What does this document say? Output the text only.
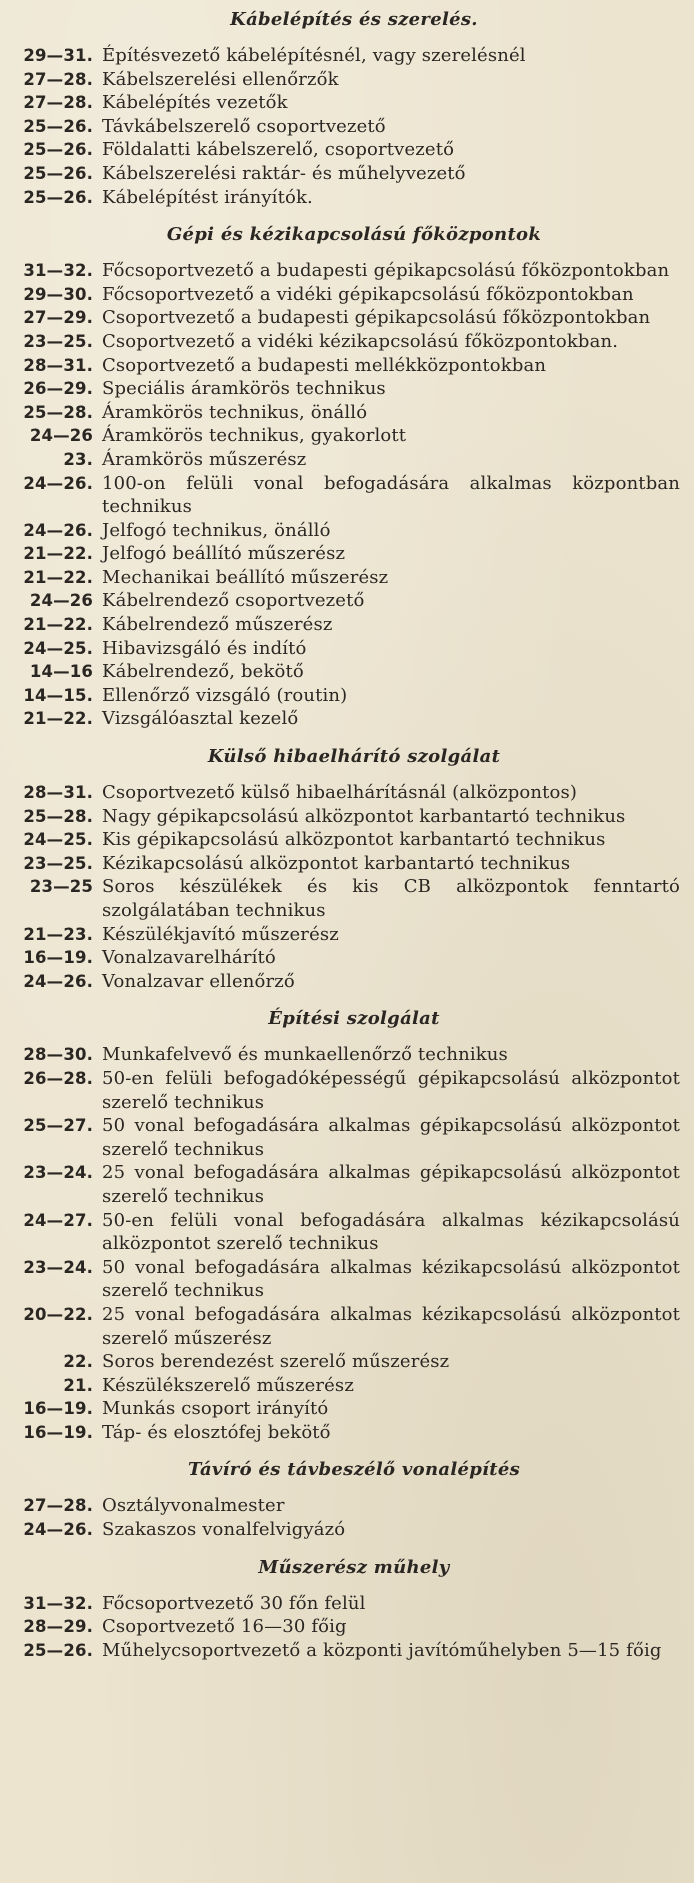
Kábelépítés és szerelés.
29—31. Építésvezető kábelépítésnél, vagy szerelésnél
27—28. Kábelszerelési ellenőrzők
27—28. Kábelépítés vezetők
25—26. Távkábelszerelő csoportvezető
25—26. Földalatti kábelszerelő, csoportvezető
25—26. Kábelszerelési raktár- és műhelyvezető
25—26. Kábelépítést irányítók.
Gépi és kézikapcsolású főközpontok
31—32. Főcsoportvezető a budapesti gépikapcsolású főközpontokban
29—30. Főcsoportvezető a vidéki gépikapcsolású főközpontokban
27—29. Csoportvezető a budapesti gépikapcsolású főközpontokban
23—25. Csoportvezető a vidéki kézikapcsolású főközpontokban.
28—31. Csoportvezető a budapesti mellékközpontokban
26—29. Speciális áramkörös technikus
25—28. Áramkörös technikus, önálló
24—26 Áramkörös technikus, gyakorlott
23. Áramkörös műszerész
24—26. 100-on felüli vonal befogadására alkalmas központban technikus
24—26. Jelfogó technikus, önálló
21—22. Jelfogó beállító műszerész
21—22. Mechanikai beállító műszerész
24—26 Kábelrendező csoportvezető
21—22. Kábelrendező műszerész
24—25. Hibavizsgáló és indító
14—16 Kábelrendező, bekötő
14—15. Ellenőrző vizsgáló (routin)
21—22. Vizsgálóasztal kezelő
Külső hibaelhárító szolgálat
28—31. Csoportvezető külső hibaelhárításnál (alközpontos)
25—28. Nagy gépikapcsolású alközpontot karbantartó technikus
24—25. Kis gépikapcsolású alközpontot karbantartó technikus
23—25. Kézikapcsolású alközpontot karbantartó technikus
23—25 Soros készülékek és kis CB alközpontok fenntartó szolgálatában technikus
21—23. Készülékjavító műszerész
16—19. Vonalzavarelhárító
24—26. Vonalzavar ellenőrző
Építési szolgálat
28—30. Munkafelvevő és munkaellenőrző technikus
26—28. 50-en felüli befogadóképességű gépikapcsolású alközpontot szerelő technikus
25—27. 50 vonal befogadására alkalmas gépikapcsolású alközpontot szerelő technikus
23—24. 25 vonal befogadására alkalmas gépikapcsolású alközpontot szerelő technikus
24—27. 50-en felüli vonal befogadására alkalmas kézikapcsolású alközpontot szerelő technikus
23—24. 50 vonal befogadására alkalmas kézikapcsolású alközpontot szerelő technikus
20—22. 25 vonal befogadására alkalmas kézikapcsolású alközpontot szerelő műszerész
22. Soros berendezést szerelő műszerész
21. Készülékszerelő műszerész
16—19. Munkás csoport irányító
16—19. Táp- és elosztófej bekötő
Távíró és távbeszélő vonalépítés
27—28. Osztályvonalmester
24—26. Szakaszos vonalfelvigyázó
Műszerész műhely
31—32. Főcsoportvezető 30 főn felül
28—29. Csoportvezető 16—30 főig
25—26. Műhelycsoportvezető a központi javítóműhelyben 5—15 főig
